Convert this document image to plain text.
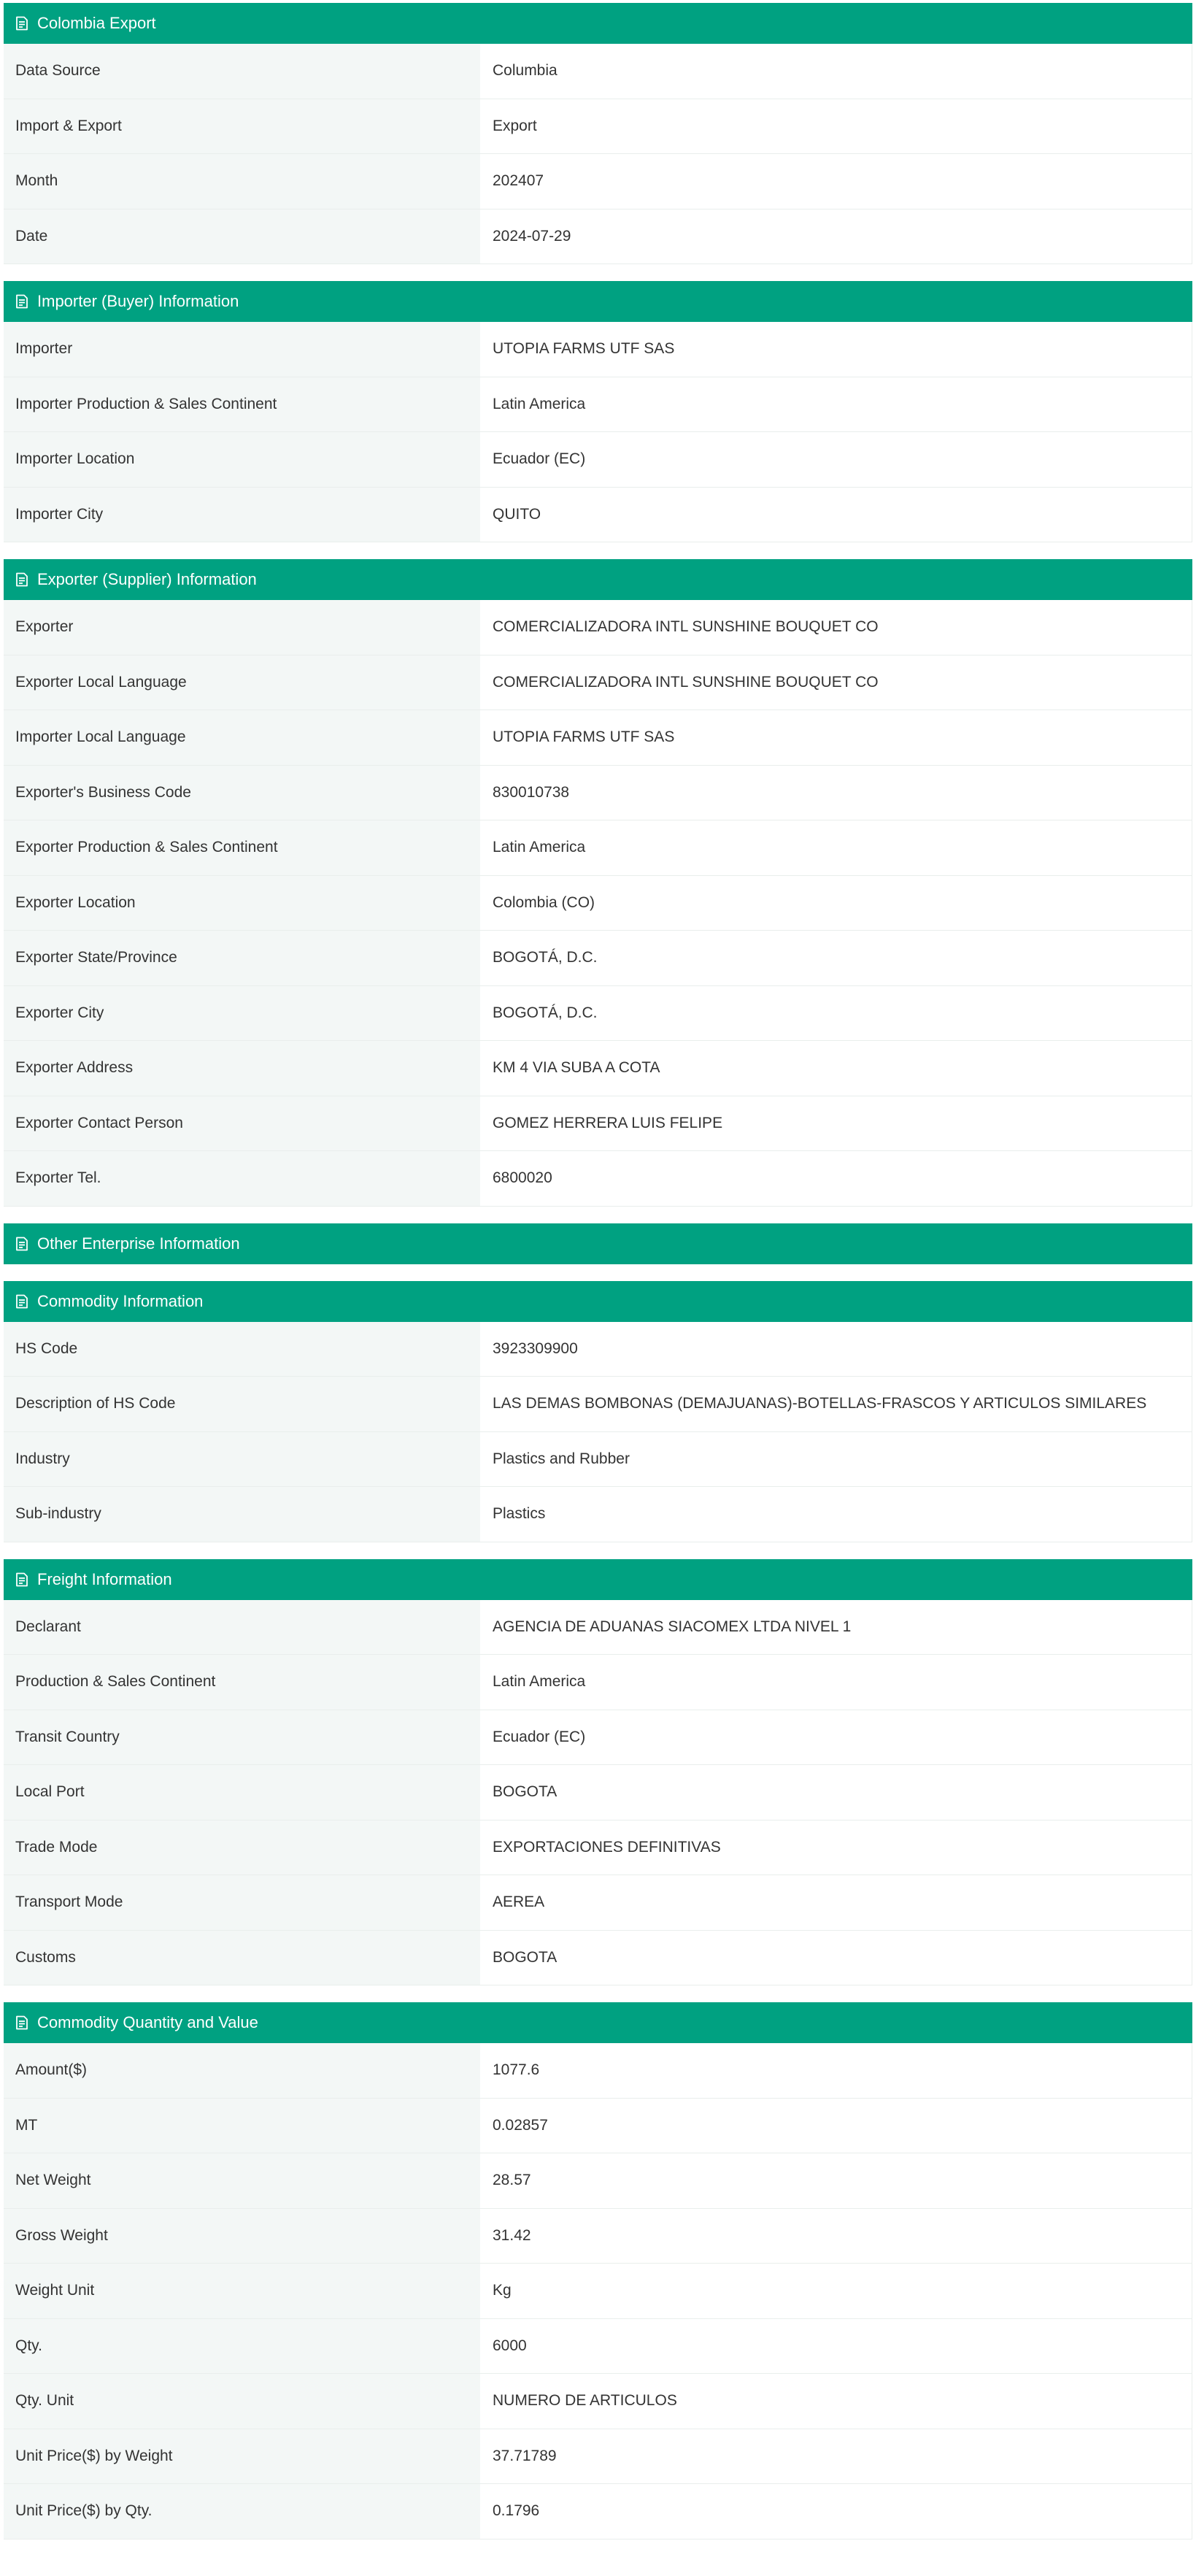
Colombia Export
Data Source	Columbia
Import & Export	Export
Month	202407
Date	2024-07-29
Importer (Buyer) Information
Importer	UTOPIA FARMS UTF SAS
Importer Production & Sales Continent	Latin America
Importer Location	Ecuador (EC)
Importer City	QUITO
Exporter (Supplier) Information
Exporter	COMERCIALIZADORA INTL SUNSHINE BOUQUET CO
Exporter Local Language	COMERCIALIZADORA INTL SUNSHINE BOUQUET CO
Importer Local Language	UTOPIA FARMS UTF SAS
Exporter's Business Code	830010738
Exporter Production & Sales Continent	Latin America
Exporter Location	Colombia (CO)
Exporter State/Province	BOGOTÁ, D.C.
Exporter City	BOGOTÁ, D.C.
Exporter Address	KM 4 VIA SUBA A COTA
Exporter Contact Person	GOMEZ HERRERA LUIS FELIPE
Exporter Tel.	6800020
Other Enterprise Information
Commodity Information
HS Code	3923309900
Description of HS Code	LAS DEMAS BOMBONAS (DEMAJUANAS)-BOTELLAS-FRASCOS Y ARTICULOS SIMILARES
Industry	Plastics and Rubber
Sub-industry	Plastics
Freight Information
Declarant	AGENCIA DE ADUANAS SIACOMEX LTDA NIVEL 1
Production & Sales Continent	Latin America
Transit Country	Ecuador (EC)
Local Port	BOGOTA
Trade Mode	EXPORTACIONES DEFINITIVAS
Transport Mode	AEREA
Customs	BOGOTA
Commodity Quantity and Value
Amount($)	1077.6
MT	0.02857
Net Weight	28.57
Gross Weight	31.42
Weight Unit	Kg
Qty.	6000
Qty. Unit	NUMERO DE ARTICULOS
Unit Price($) by Weight	37.71789
Unit Price($) by Qty.	0.1796
